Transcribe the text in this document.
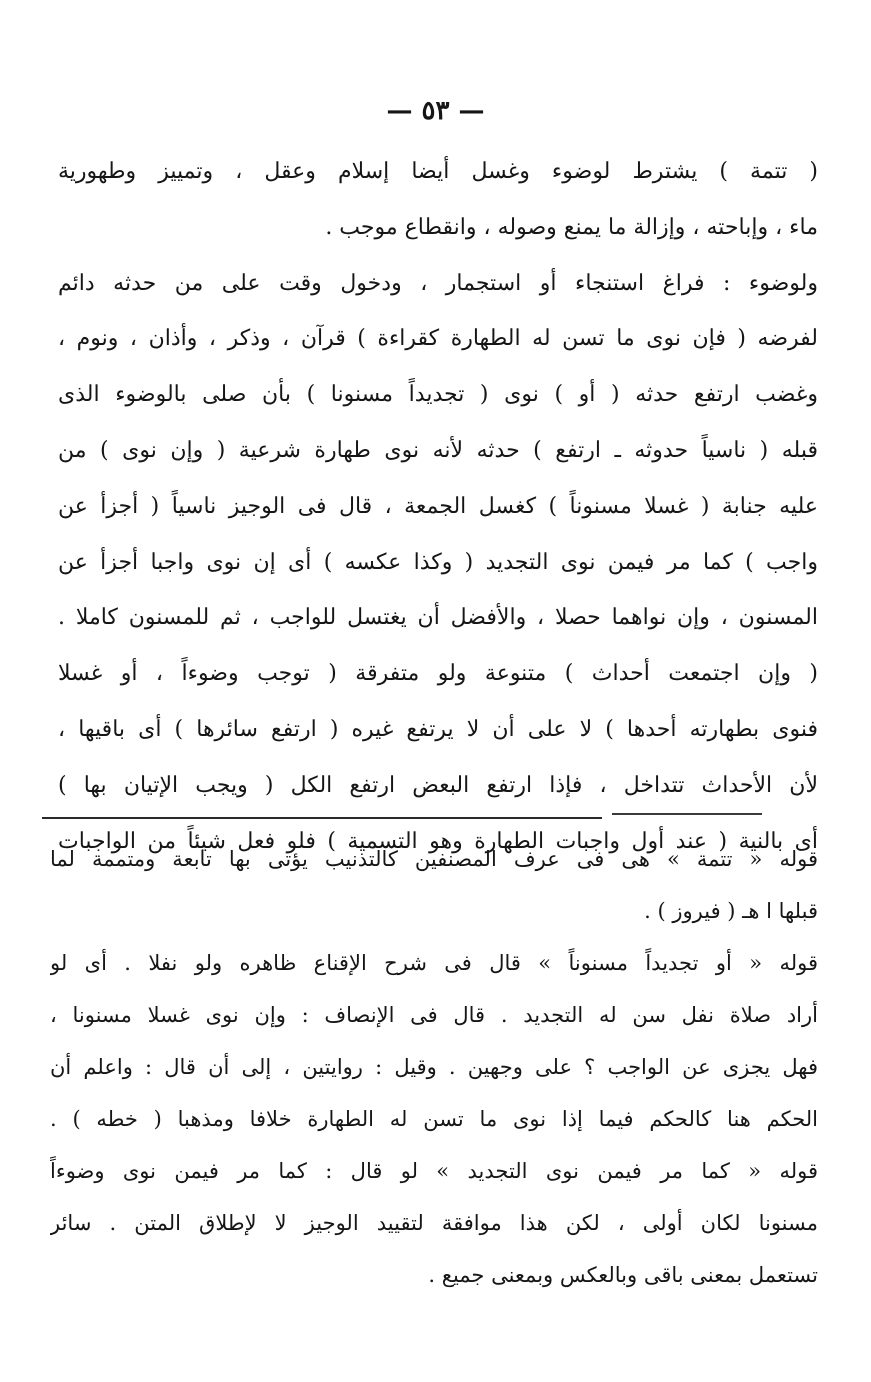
— ٥٣ —
( تتمة ) يشترط لوضوء وغسل أيضا إسلام وعقل ، وتمييز وطهورية
ماء ، وإباحته ، وإزالة ما يمنع وصوله ، وانقطاع موجب .
ولوضوء : فراغ استنجاء أو استجمار ، ودخول وقت على من حدثه دائم
لفرضه ( فإن نوى ما تسن له الطهارة كقراءة ) قرآن ، وذكر ، وأذان ، ونوم ،
وغضب ارتفع حدثه ( أو ) نوى ( تجديداً مسنونا ) بأن صلى بالوضوء الذى
قبله ( ناسياً حدوثه ـ ارتفع ) حدثه لأنه نوى طهارة شرعية ( وإن نوى ) من
عليه جنابة ( غسلا مسنوناً ) كغسل الجمعة ، قال فى الوجيز ناسياً ( أجزأ عن
واجب ) كما مر فيمن نوى التجديد ( وكذا عكسه ) أى إن نوى واجبا أجزأ عن
المسنون ، وإن نواهما حصلا ، والأفضل أن يغتسل للواجب ، ثم للمسنون كاملا .
( وإن اجتمعت أحداث ) متنوعة ولو متفرقة ( توجب وضوءاً ، أو غسلا
فنوى بطهارته أحدها ) لا على أن لا يرتفع غيره ( ارتفع سائرها ) أى باقيها ،
لأن الأحداث تتداخل ، فإذا ارتفع البعض ارتفع الكل ( ويجب الإتيان بها )
أى بالنية ( عند أول واجبات الطهارة وهو التسمية ) فلو فعل شيئاً من الواجبات
قوله « تتمة » هى فى عرف المصنفين كالتذنيب يؤتى بها تابعة ومتممة لما
قبلها ا هـ ( فيروز ) .
قوله « أو تجديداً مسنوناً » قال فى شرح الإقناع ظاهره ولو نفلا . أى لو
أراد صلاة نفل سن له التجديد . قال فى الإنصاف : وإن نوى غسلا مسنونا ،
فهل يجزى عن الواجب ؟ على وجهين . وقيل : روايتين ، إلى أن قال : واعلم أن
الحكم هنا كالحكم فيما إذا نوى ما تسن له الطهارة خلافا ومذهبا ( خطه ) .
قوله « كما مر فيمن نوى التجديد » لو قال : كما مر فيمن نوى وضوءاً
مسنونا لكان أولى ، لكن هذا موافقة لتقييد الوجيز لا لإطلاق المتن . سائر
تستعمل بمعنى باقى وبالعكس وبمعنى جميع .
